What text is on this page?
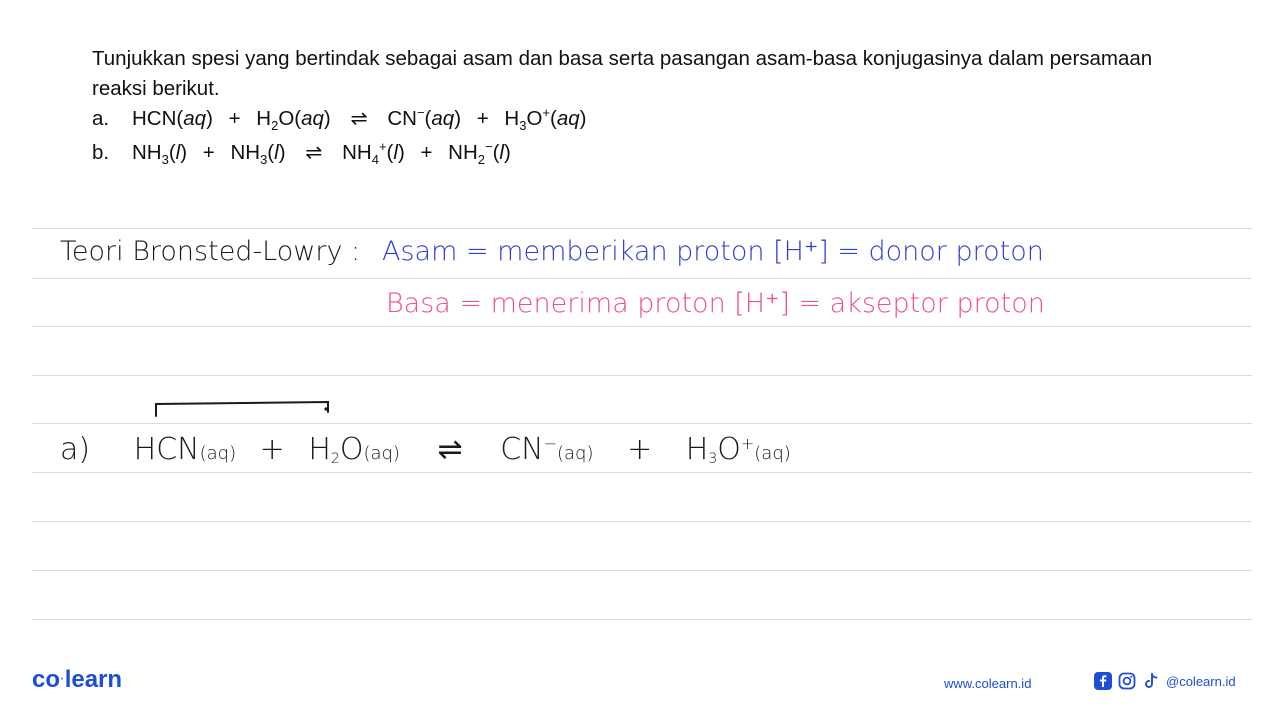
Tunjukkan spesi yang bertindak sebagai asam dan basa serta pasangan asam-basa konjugasinya dalam persamaan reaksi berikut.

a.	$HCN(aq) + H_2O(aq)$ ⇌ $CN^-(aq) + H_3O^+(aq)$
b.	$NH_3(l) + NH_3(l)$ ⇌ $NH_4^+(l) + NH_2^-(l)$
Teori Bronsted-Lowry : Asam = memberikan proton [H⁺] = donor proton
Basa = menerima proton [H⁺] = akseptor proton
a) $HCN(aq) + H_2O(aq)$ ⇌ $CN^-(aq) + H_3O^+(aq)$
co·learn	www.colearn.id	@colearn.id
